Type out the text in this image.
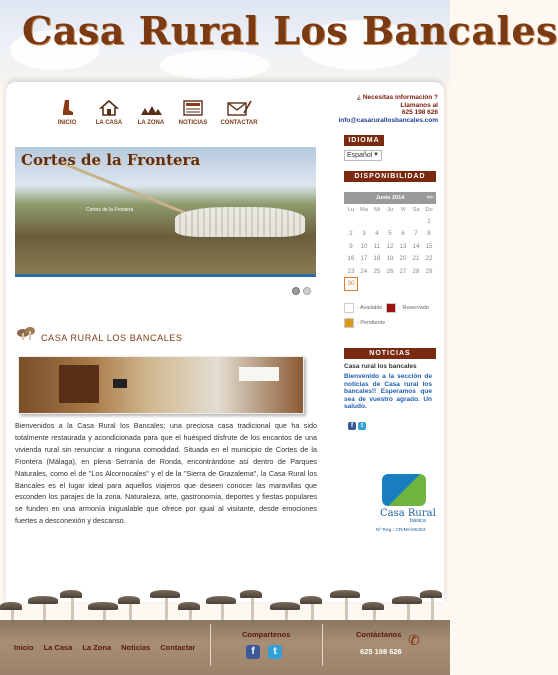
Casa Rural Los Bancales
INICIO	LA CASA	LA ZONA	NOTICIAS	CONTACTAR
¿ Necesitas información ?
Llamanos al
625 198 626
info@casarurallosbancales.com
Cortes de la Frontera
Cortes de la Frontera
CASA RURAL LOS BANCALES
Bienvenidos a la Casa Rural los Bancales; una preciosa casa tradicional que ha sido totalmente restaurada y acondicionada para que el huésped disfrute de los encantos de una vivienda rural sin renunciar a ninguna comodidad. Situada en el municipio de Cortes de la Frontera (Málaga), en plena Serranía de Ronda, encontrándose así dentro de Parques Naturales, como el de "Los Alcornocales" y el de la "Sierra de Grazalema", la Casa Rural los Bancales es el lugar ideal para aquellos viajeros que deseen conocer las maravillas que esconden los parajes de la zona. Naturaleza, arte, gastronomía, deportes y fiestas populares se funden en una armonía inigualable que ofrece por igual al visitante, desde emociones fuertes a desconexión y descanso.
IDIOMA
Español ▼
DISPONIBILIDAD
Junio 2014	>>
Lu	Ma	Mi	Ju	Vi	Sá	Do
						1
2	3	4	5	6	7	8
9	10	11	12	13	14	15
16	17	18	19	20	21	22
23	24	25	26	27	28	29
30						
- Available	- Reservado
- Pendiente
NOTICIAS
Casa rural los bancales
Bienvenido a la sección de noticias de Casa rural los bancales!! Esperamos que sea de vuestro agrado. Un saludo.
f	t
Casa Rural
básica
Nº Reg.: CR/MA/00453
Inicio La Casa La Zona Noticias Contactar
Compartenos
f	t
Contáctanos
625 198 626
✆
